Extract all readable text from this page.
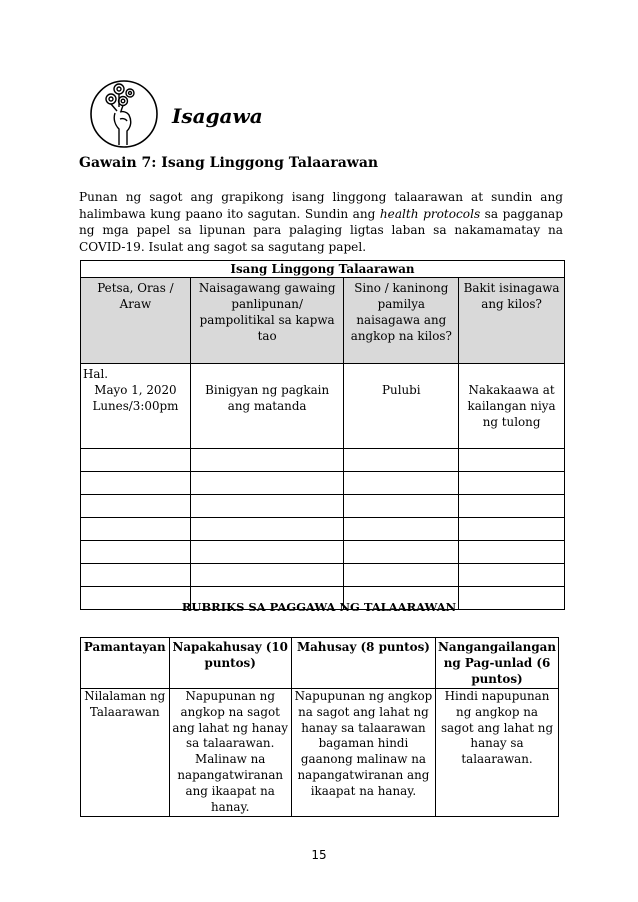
Isagawa
Gawain 7: Isang Linggong Talaarawan

Punan ng sagot ang grapikong isang linggong talaarawan at sundin ang halimbawa kung paano ito sagutan. Sundin ang health protocols sa pagganap ng mga papel sa lipunan para palaging ligtas laban sa nakamamatay na COVID-19. Isulat ang sagot sa sagutang papel.

Isang Linggong Talaarawan			
Petsa, Oras / Araw	Naisagawang gawaing panlipunan/ pampolitikal sa kapwa tao	Sino / kaninong pamilya naisagawa ang angkop na kilos?	Bakit isinagawa ang kilos?

Hal.
Mayo 1, 2020
Lunes/3:00pm	Binigyan ng pagkain ang matanda	Pulubi	Nakakaawa at kailangan niya ng tulong

RUBRIKS SA PAGGAWA NG TALAARAWAN
Pamantayan	Napakahusay (10 puntos)	Mahusay (8 puntos)	Nangangailangan ng Pag-unlad (6 puntos)
Nilalaman ng Talaarawan	Napupunan ng angkop na sagot ang lahat ng hanay sa talaarawan. Malinaw na napangatwiranan ang ikaapat na hanay.	Napupunan ng angkop na sagot ang lahat ng hanay sa talaarawan bagaman hindi gaanong malinaw na napangatwiranan ang ikaapat na hanay.	Hindi napupunan ng angkop na sagot ang lahat ng hanay sa talaarawan.
15
